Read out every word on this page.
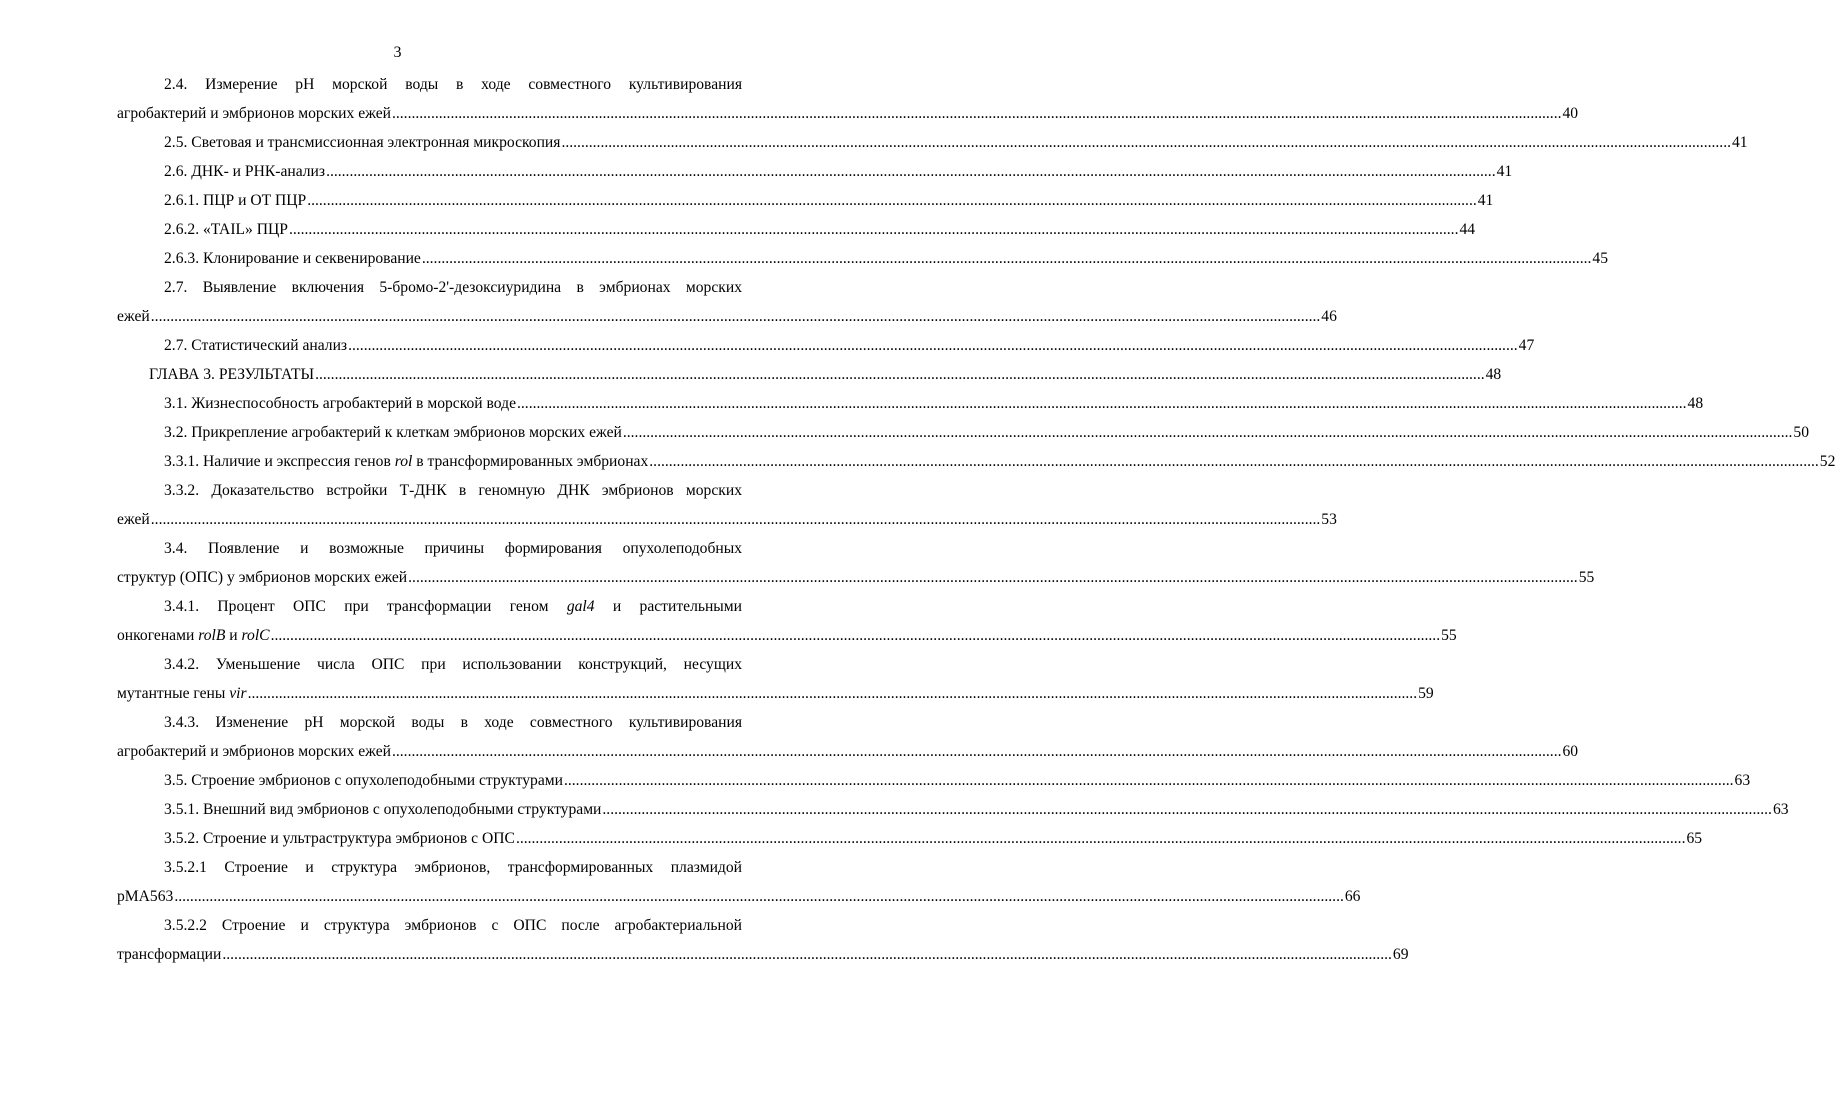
3
2.4. Измерение pH морской воды в ходе совместного культивирования
агробактерий и эмбрионов морских ежей ............................................................................................................................................................................................................................................................................................................ 40
2.5. Световая и трансмиссионная электронная микроскопия ............................................................................................................................................................................................................................................................................................................ 41
2.6. ДНК- и РНК-анализ ............................................................................................................................................................................................................................................................................................................ 41
2.6.1. ПЦР и ОТ ПЦР ............................................................................................................................................................................................................................................................................................................ 41
2.6.2. «TAIL» ПЦР ............................................................................................................................................................................................................................................................................................................ 44
2.6.3. Клонирование и секвенирование ............................................................................................................................................................................................................................................................................................................ 45
2.7. Выявление включения 5-бромо-2'-дезоксиуридина в эмбрионах морских
ежей ............................................................................................................................................................................................................................................................................................................ 46
2.7. Статистический анализ ............................................................................................................................................................................................................................................................................................................ 47
ГЛАВА 3. РЕЗУЛЬТАТЫ ............................................................................................................................................................................................................................................................................................................ 48
3.1. Жизнеспособность агробактерий в морской воде ............................................................................................................................................................................................................................................................................................................ 48
3.2. Прикрепление агробактерий к клеткам эмбрионов морских ежей ............................................................................................................................................................................................................................................................................................................ 50
3.3.1. Наличие и экспрессия генов rol в трансформированных эмбрионах ............................................................................................................................................................................................................................................................................................................ 52
3.3.2. Доказательство встройки Т-ДНК в геномную ДНК эмбрионов морских
ежей ............................................................................................................................................................................................................................................................................................................ 53
3.4. Появление и возможные причины формирования опухолеподобных
структур (ОПС) у эмбрионов морских ежей ............................................................................................................................................................................................................................................................................................................ 55
3.4.1. Процент ОПС при трансформации геном gal4 и растительными
онкогенами rolB и rolC ............................................................................................................................................................................................................................................................................................................ 55
3.4.2. Уменьшение числа ОПС при использовании конструкций, несущих
мутантные гены vir ............................................................................................................................................................................................................................................................................................................ 59
3.4.3. Изменение pH морской воды в ходе совместного культивирования
агробактерий и эмбрионов морских ежей ............................................................................................................................................................................................................................................................................................................ 60
3.5. Строение эмбрионов с опухолеподобными структурами ............................................................................................................................................................................................................................................................................................................ 63
3.5.1. Внешний вид эмбрионов с опухолеподобными структурами ............................................................................................................................................................................................................................................................................................................ 63
3.5.2. Строение и ультраструктура эмбрионов с ОПС ............................................................................................................................................................................................................................................................................................................ 65
3.5.2.1 Строение и структура эмбрионов, трансформированных плазмидой
pMA563 ............................................................................................................................................................................................................................................................................................................ 66
3.5.2.2 Строение и структура эмбрионов с ОПС после агробактериальной
трансформации ............................................................................................................................................................................................................................................................................................................ 69
